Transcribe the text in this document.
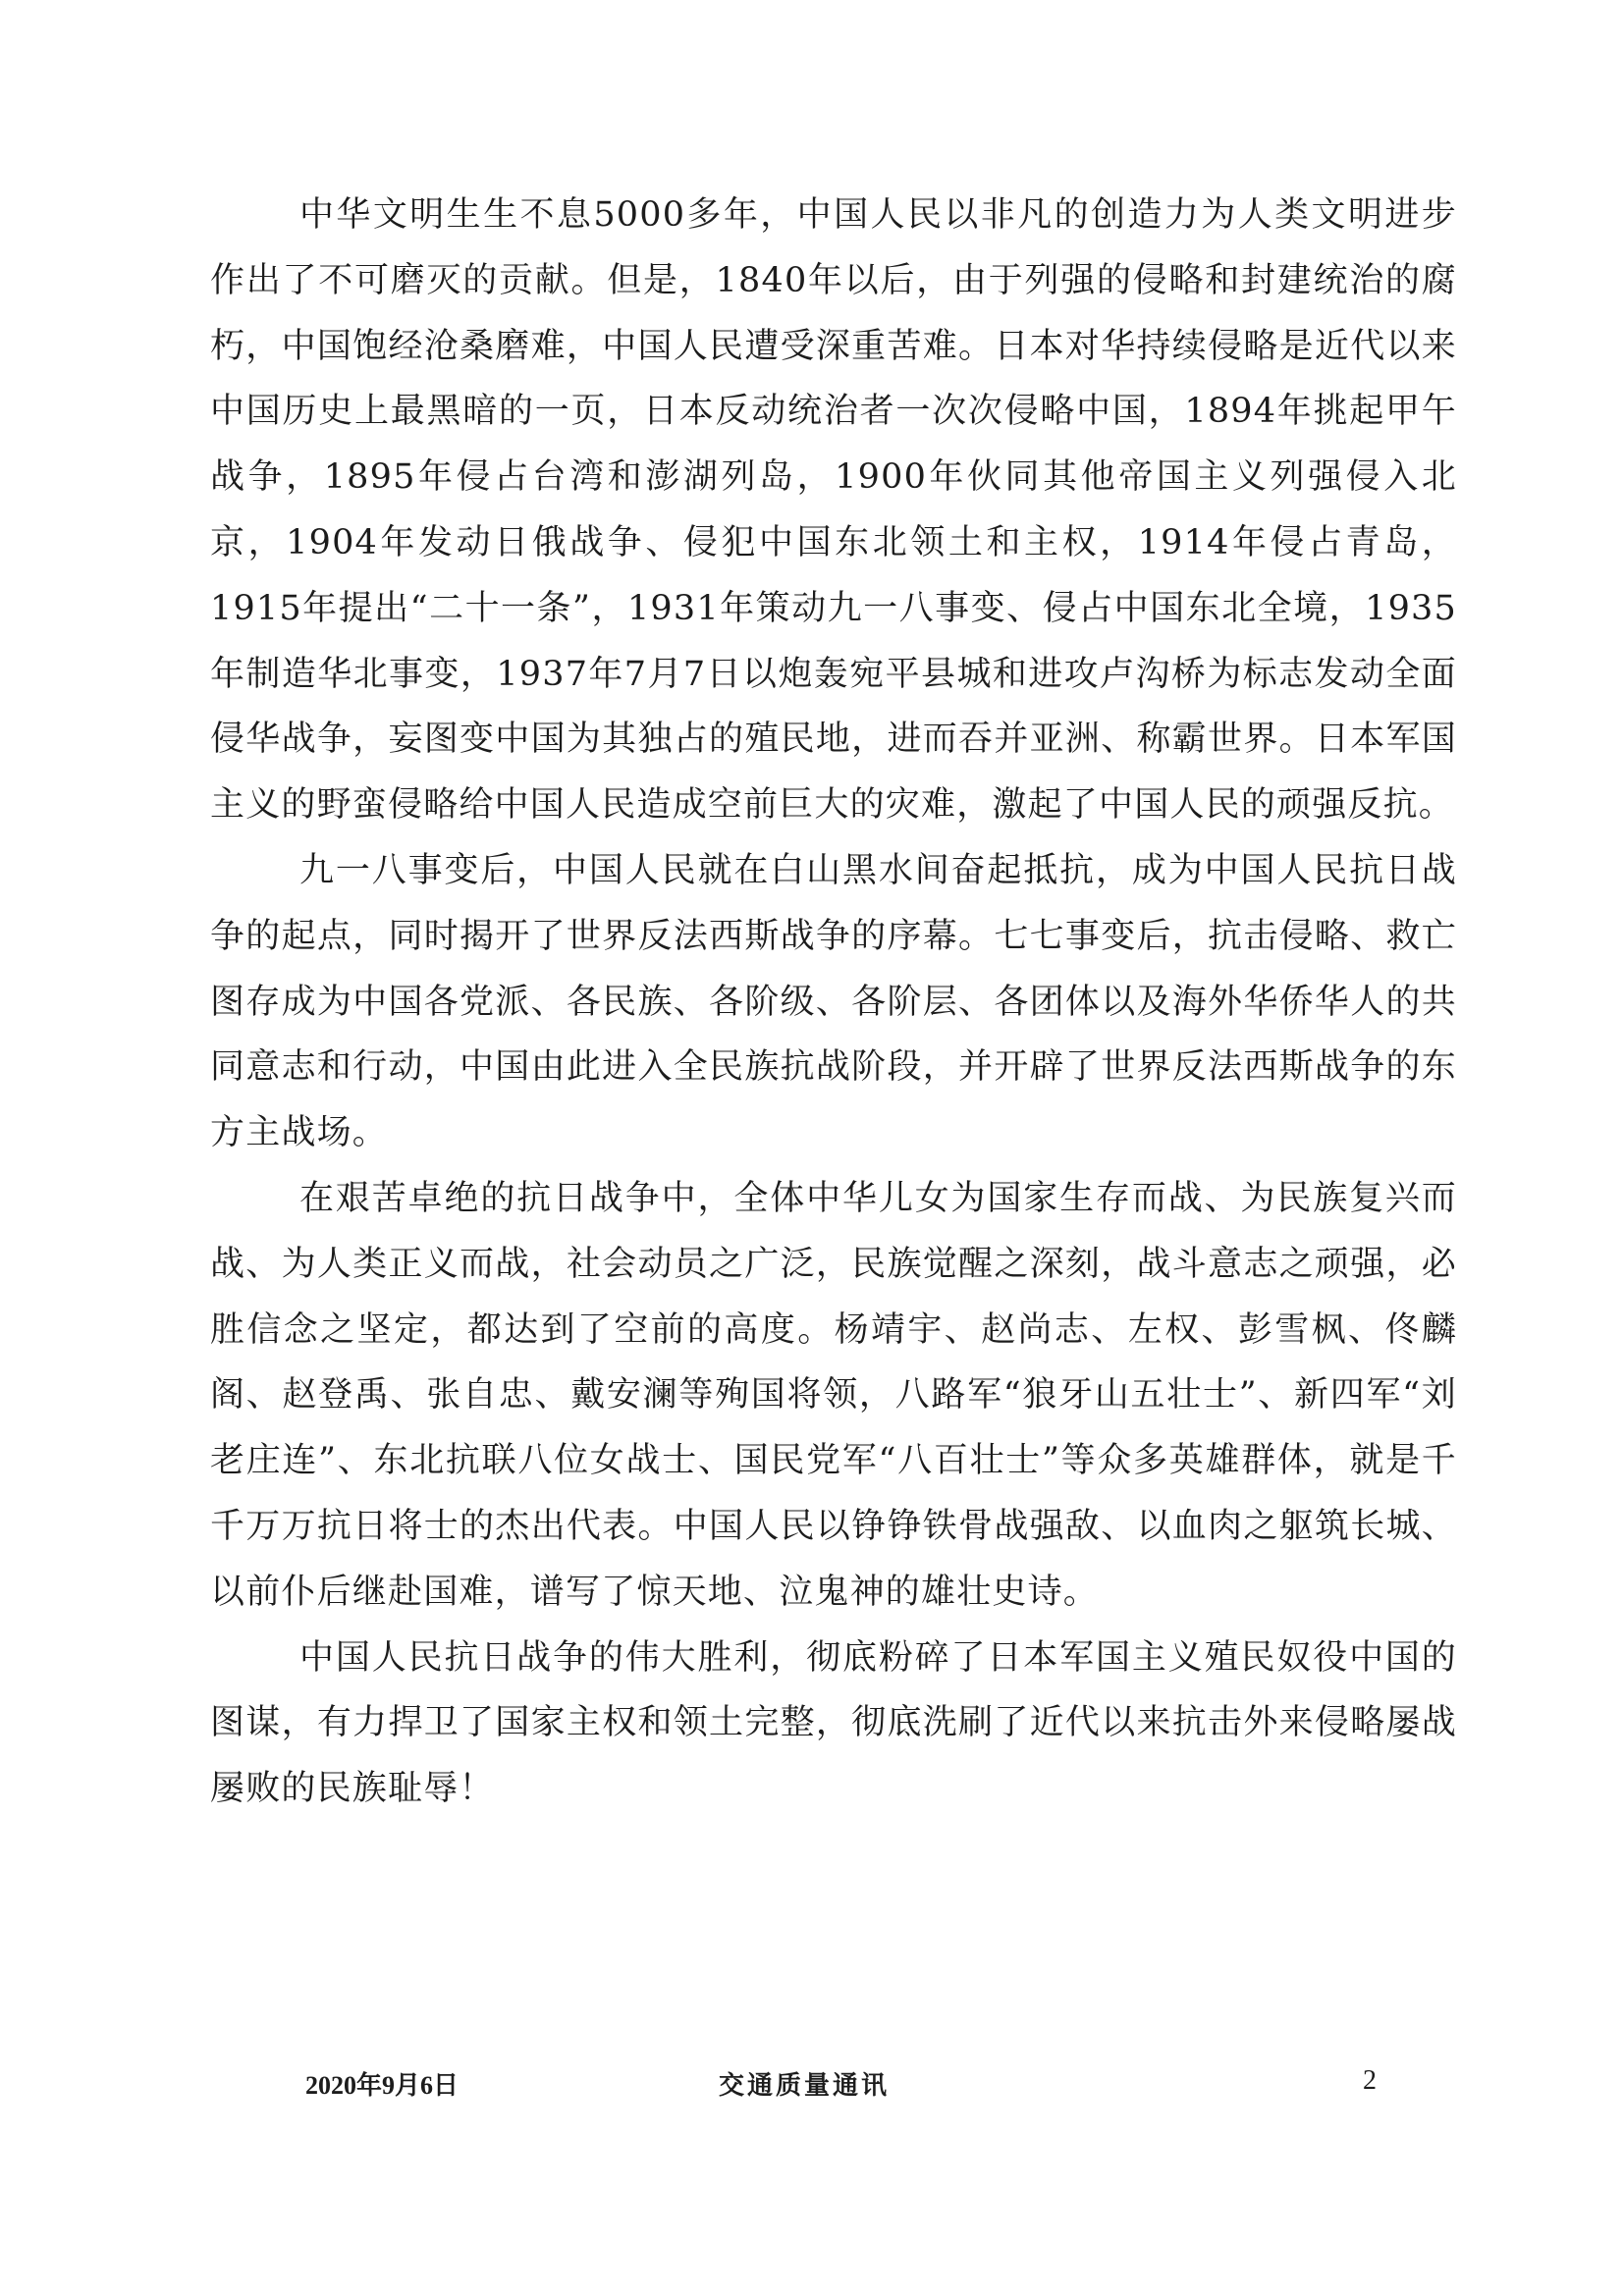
中华文明生生不息5000多年，中国人民以非凡的创造力为人类文明进步作出了不可磨灭的贡献。但是，1840年以后，由于列强的侵略和封建统治的腐朽，中国饱经沧桑磨难，中国人民遭受深重苦难。日本对华持续侵略是近代以来中国历史上最黑暗的一页，日本反动统治者一次次侵略中国，1894年挑起甲午战争，1895年侵占台湾和澎湖列岛，1900年伙同其他帝国主义列强侵入北京，1904年发动日俄战争、侵犯中国东北领土和主权，1914年侵占青岛，1915年提出“二十一条”，1931年策动九一八事变、侵占中国东北全境，1935年制造华北事变，1937年7月7日以炮轰宛平县城和进攻卢沟桥为标志发动全面侵华战争，妄图变中国为其独占的殖民地，进而吞并亚洲、称霸世界。日本军国主义的野蛮侵略给中国人民造成空前巨大的灾难，激起了中国人民的顽强反抗。

九一八事变后，中国人民就在白山黑水间奋起抵抗，成为中国人民抗日战争的起点，同时揭开了世界反法西斯战争的序幕。七七事变后，抗击侵略、救亡图存成为中国各党派、各民族、各阶级、各阶层、各团体以及海外华侨华人的共同意志和行动，中国由此进入全民族抗战阶段，并开辟了世界反法西斯战争的东方主战场。

在艰苦卓绝的抗日战争中，全体中华儿女为国家生存而战、为民族复兴而战、为人类正义而战，社会动员之广泛，民族觉醒之深刻，战斗意志之顽强，必胜信念之坚定，都达到了空前的高度。杨靖宇、赵尚志、左权、彭雪枫、佟麟阁、赵登禹、张自忠、戴安澜等殉国将领，八路军“狼牙山五壮士”、新四军“刘老庄连”、东北抗联八位女战士、国民党军“八百壮士”等众多英雄群体，就是千千万万抗日将士的杰出代表。中国人民以铮铮铁骨战强敌、以血肉之躯筑长城、以前仆后继赴国难，谱写了惊天地、泣鬼神的雄壮史诗。

中国人民抗日战争的伟大胜利，彻底粉碎了日本军国主义殖民奴役中国的图谋，有力捍卫了国家主权和领土完整，彻底洗刷了近代以来抗击外来侵略屡战屡败的民族耻辱！

2020年9月6日	交通质量通讯	2
